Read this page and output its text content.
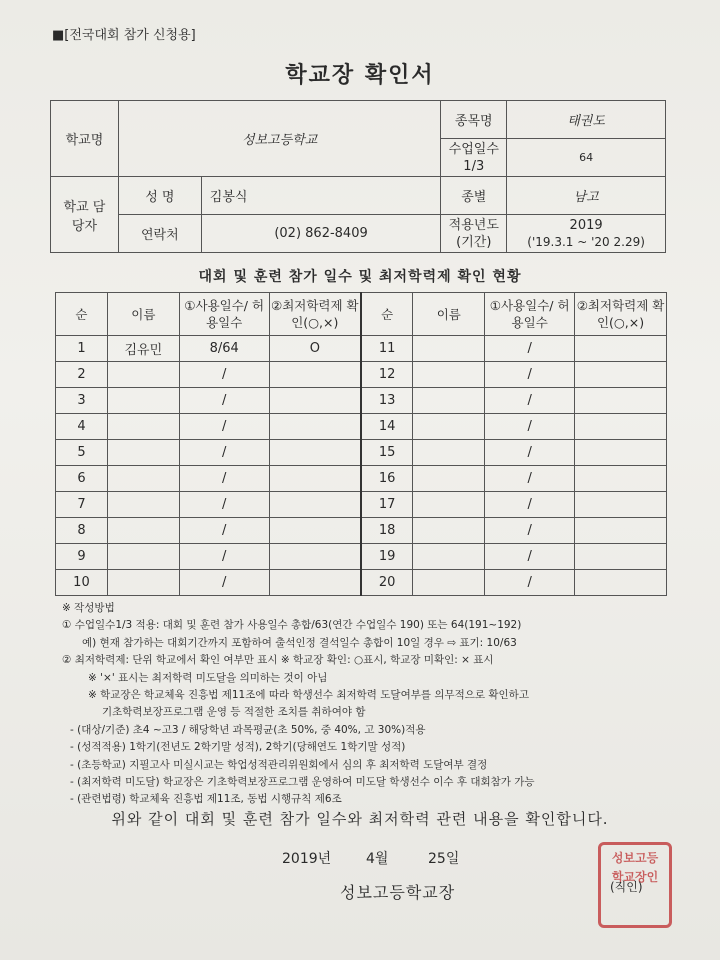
■[전국대회 참가 신청용]
학교장 확인서
학교명	성보고등학교		종목명	태권도
			수업일수 1/3	64
학교 담당자	성 명	김봉식	종별	남고
	연락처	(02) 862-8409	적용년도 (기간)	2019
('19.3.1 ~ '20 2.29)
대회 및 훈련 참가 일수 및 최저학력제 확인 현황
순	이름	①사용일수/ 허용일수	②최저학력제 확인(○,×)	순	이름	①사용일수/ 허용일수	②최저학력제 확인(○,×)
1	김유민	8/64	O	11		/	
2		/		12		/	
3		/		13		/	
4		/		14		/	
5		/		15		/	
6		/		16		/	
7		/		17		/	
8		/		18		/	
9		/		19		/	
10		/		20		/	
※ 작성방법
① 수업일수1/3 적용: 대회 및 훈련 참가 사용일수 총합/63(연간 수업일수 190) 또는 64(191~192)
예) 현재 참가하는 대회기간까지 포함하여 출석인정 결석일수 총합이 10일 경우 ⇨ 표기: 10/63
② 최저학력제: 단위 학교에서 확인 여부만 표시 ※ 학교장 확인: ○표시, 학교장 미확인: × 표시
※ '×' 표시는 최저학력 미도달을 의미하는 것이 아님
※ 학교장은 학교체육 진흥법 제11조에 따라 학생선수 최저학력 도달여부를 의무적으로 확인하고
기초학력보장프로그램 운영 등 적절한 조치를 취하여야 함
- (대상/기준) 초4 ~고3 / 해당학년 과목평균(초 50%, 중 40%, 고 30%)적용
- (성적적용) 1학기(전년도 2학기말 성적), 2학기(당해연도 1학기말 성적)
- (초등학교) 지필고사 미실시교는 학업성적관리위원회에서 심의 후 최저학력 도달여부 결정
- (최저학력 미도달) 학교장은 기초학력보장프로그램 운영하여 미도달 학생선수 이수 후 대회참가 가능
- (관련법령) 학교체육 진흥법 제11조, 동법 시행규칙 제6조
위와 같이 대회 및 훈련 참가 일수와 최저학력 관련 내용을 확인합니다.
2019년 4월	25일
성보고등학교장
성보고등학교장인
(직인)
